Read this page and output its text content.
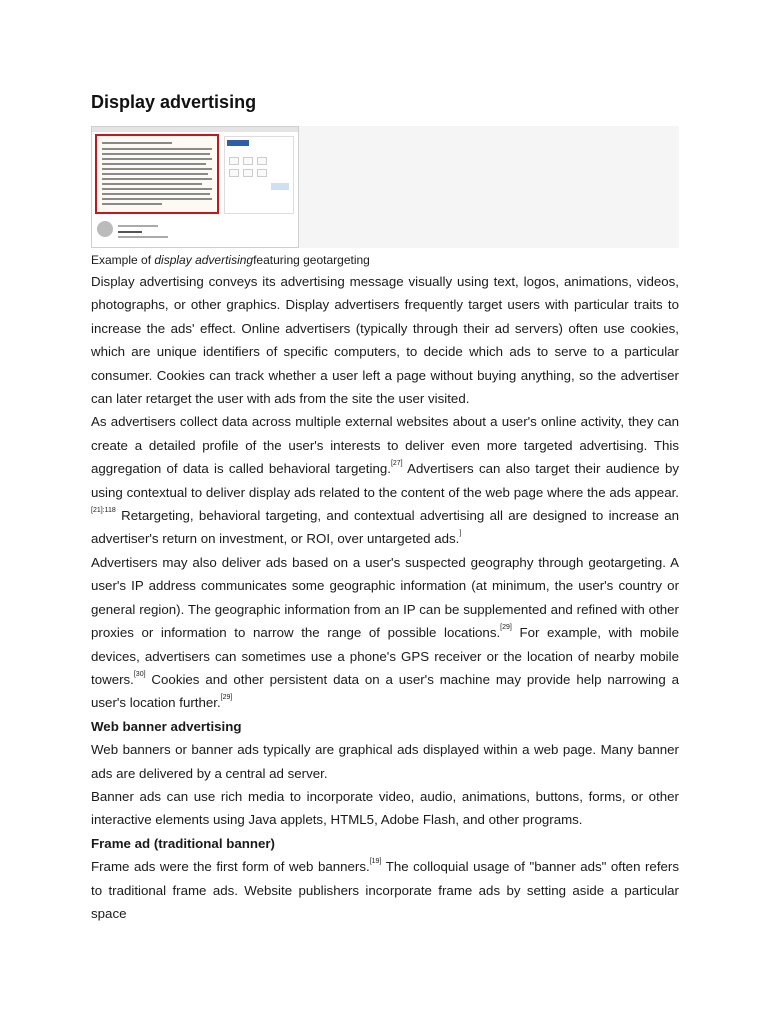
Display advertising
Example of display advertisingfeaturing geotargeting

Display advertising conveys its advertising message visually using text, logos, animations, videos, photographs, or other graphics. Display advertisers frequently target users with particular traits to increase the ads' effect. Online advertisers (typically through their ad servers) often use cookies, which are unique identifiers of specific computers, to decide which ads to serve to a particular consumer. Cookies can track whether a user left a page without buying anything, so the advertiser can later retarget the user with ads from the site the user visited.

As advertisers collect data across multiple external websites about a user's online activity, they can create a detailed profile of the user's interests to deliver even more targeted advertising. This aggregation of data is called behavioral targeting.[27] Advertisers can also target their audience by using contextual to deliver display ads related to the content of the web page where the ads appear.$^{[21]:118}$ Retargeting, behavioral targeting, and contextual advertising all are designed to increase an advertiser's return on investment, or ROI, over untargeted ads.]

Advertisers may also deliver ads based on a user's suspected geography through geotargeting. A user's IP address communicates some geographic information (at minimum, the user's country or general region). The geographic information from an IP can be supplemented and refined with other proxies or information to narrow the range of possible locations.[29] For example, with mobile devices, advertisers can sometimes use a phone's GPS receiver or the location of nearby mobile towers.[30] Cookies and other persistent data on a user's machine may provide help narrowing a user's location further.[29]

Web banner advertising

Web banners or banner ads typically are graphical ads displayed within a web page. Many banner ads are delivered by a central ad server.

Banner ads can use rich media to incorporate video, audio, animations, buttons, forms, or other interactive elements using Java applets, HTML5, Adobe Flash, and other programs.

Frame ad (traditional banner)

Frame ads were the first form of web banners.[19] The colloquial usage of "banner ads" often refers to traditional frame ads. Website publishers incorporate frame ads by setting aside a particular space
